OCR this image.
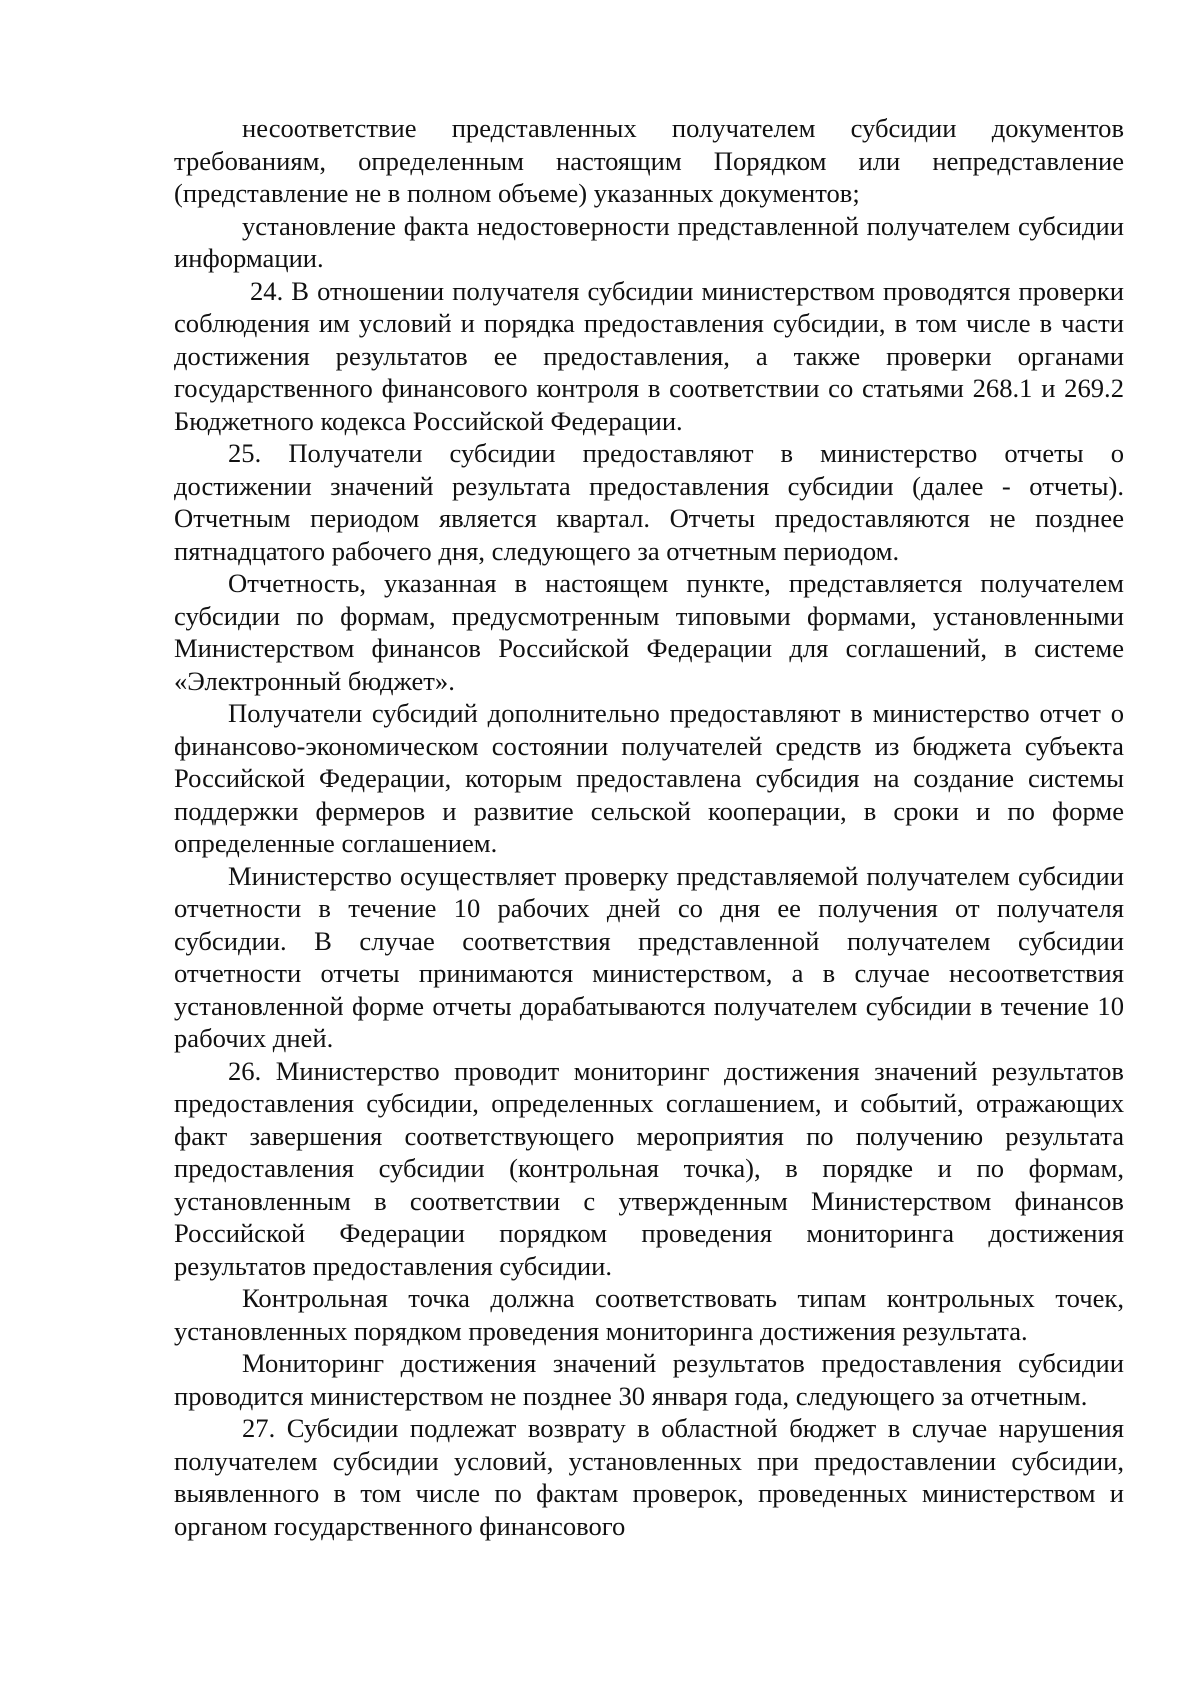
несоответствие представленных получателем субсидии документов требованиям, определенным настоящим Порядком или непредставление (представление не в полном объеме) указанных документов;

установление факта недостоверности представленной получателем субсидии информации.

24. В отношении получателя субсидии министерством проводятся проверки соблюдения им условий и порядка предоставления субсидии, в том числе в части достижения результатов ее предоставления, а также проверки органами государственного финансового контроля в соответствии со статьями 268.1 и 269.2 Бюджетного кодекса Российской Федерации.

25. Получатели субсидии предоставляют в министерство отчеты о достижении значений результата предоставления субсидии (далее - отчеты). Отчетным периодом является квартал. Отчеты предоставляются не позднее пятнадцатого рабочего дня, следующего за отчетным периодом.

Отчетность, указанная в настоящем пункте, представляется получателем субсидии по формам, предусмотренным типовыми формами, установленными Министерством финансов Российской Федерации для соглашений, в системе «Электронный бюджет».

Получатели субсидий дополнительно предоставляют в министерство отчет о финансово-экономическом состоянии получателей средств из бюджета субъекта Российской Федерации, которым предоставлена субсидия на создание системы поддержки фермеров и развитие сельской кооперации, в сроки и по форме определенные соглашением.

Министерство осуществляет проверку представляемой получателем субсидии отчетности в течение 10 рабочих дней со дня ее получения от получателя субсидии. В случае соответствия представленной получателем субсидии отчетности отчеты принимаются министерством, а в случае несоответствия установленной форме отчеты дорабатываются получателем субсидии в течение 10 рабочих дней.

26. Министерство проводит мониторинг достижения значений результатов предоставления субсидии, определенных соглашением, и событий, отражающих факт завершения соответствующего мероприятия по получению результата предоставления субсидии (контрольная точка), в порядке и по формам, установленным в соответствии с утвержденным Министерством финансов Российской Федерации порядком проведения мониторинга достижения результатов предоставления субсидии.

Контрольная точка должна соответствовать типам контрольных точек, установленных порядком проведения мониторинга достижения результата.

Мониторинг достижения значений результатов предоставления субсидии проводится министерством не позднее 30 января года, следующего за отчетным.

27. Субсидии подлежат возврату в областной бюджет в случае нарушения получателем субсидии условий, установленных при предоставлении субсидии, выявленного в том числе по фактам проверок, проведенных министерством и органом государственного финансового
